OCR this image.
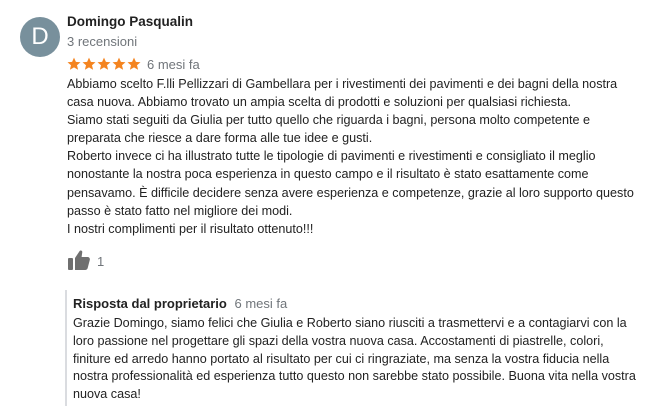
D
Domingo Pasqualin
3 recensioni
6 mesi fa

Abbiamo scelto F.lli Pellizzari di Gambellara per i rivestimenti dei pavimenti e dei bagni della nostra

casa nuova. Abbiamo trovato un ampia scelta di prodotti e soluzioni per qualsiasi richiesta.

Siamo stati seguiti da Giulia per tutto quello che riguarda i bagni, persona molto competente e

preparata che riesce a dare forma alle tue idee e gusti.

Roberto invece ci ha illustrato tutte le tipologie di pavimenti e rivestimenti e consigliato il meglio

nonostante la nostra poca esperienza in questo campo e il risultato è stato esattamente come

pensavamo. È difficile decidere senza avere esperienza e competenze, grazie al loro supporto questo

passo è stato fatto nel migliore dei modi.

I nostri complimenti per il risultato ottenuto!!!

1
Risposta dal proprietario 6 mesi fa
Grazie Domingo, siamo felici che Giulia e Roberto siano riusciti a trasmettervi e a contagiarvi con la
loro passione nel progettare gli spazi della vostra nuova casa. Accostamenti di piastrelle, colori,
finiture ed arredo hanno portato al risultato per cui ci ringraziate, ma senza la vostra fiducia nella
nostra professionalità ed esperienza tutto questo non sarebbe stato possibile. Buona vita nella vostra
nuova casa!
